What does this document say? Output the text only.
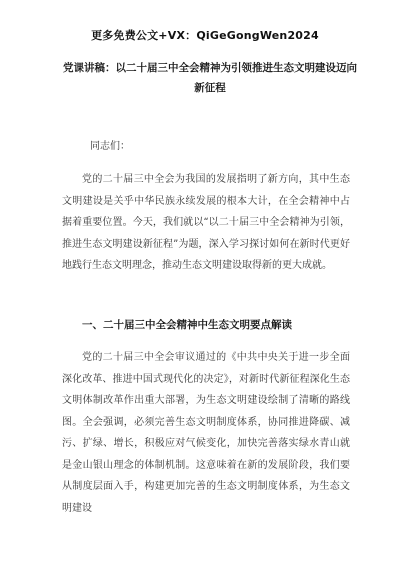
更多免费公文+VX：QiGeGongWen2024
党课讲稿：以二十届三中全会精神为引领推进生态文明建设迈向新征程
同志们：

党的二十届三中全会为我国的发展指明了新方向，其中生态文明建设是关乎中华民族永续发展的根本大计，在全会精神中占据着重要位置。今天，我们就以“以二十届三中全会精神为引领，推进生态文明建设新征程”为题，深入学习探讨如何在新时代更好地践行生态文明理念，推动生态文明建设取得新的更大成就。

一、二十届三中全会精神中生态文明要点解读

党的二十届三中全会审议通过的《中共中央关于进一步全面深化改革、推进中国式现代化的决定》，对新时代新征程深化生态文明体制改革作出重大部署，为生态文明建设绘制了清晰的路线图。全会强调，必须完善生态文明制度体系，协同推进降碳、减污、扩绿、增长，积极应对气候变化，加快完善落实绿水青山就是金山银山理念的体制机制。这意味着在新的发展阶段，我们要从制度层面入手，构建更加完善的生态文明制度体系，为生态文明建设
